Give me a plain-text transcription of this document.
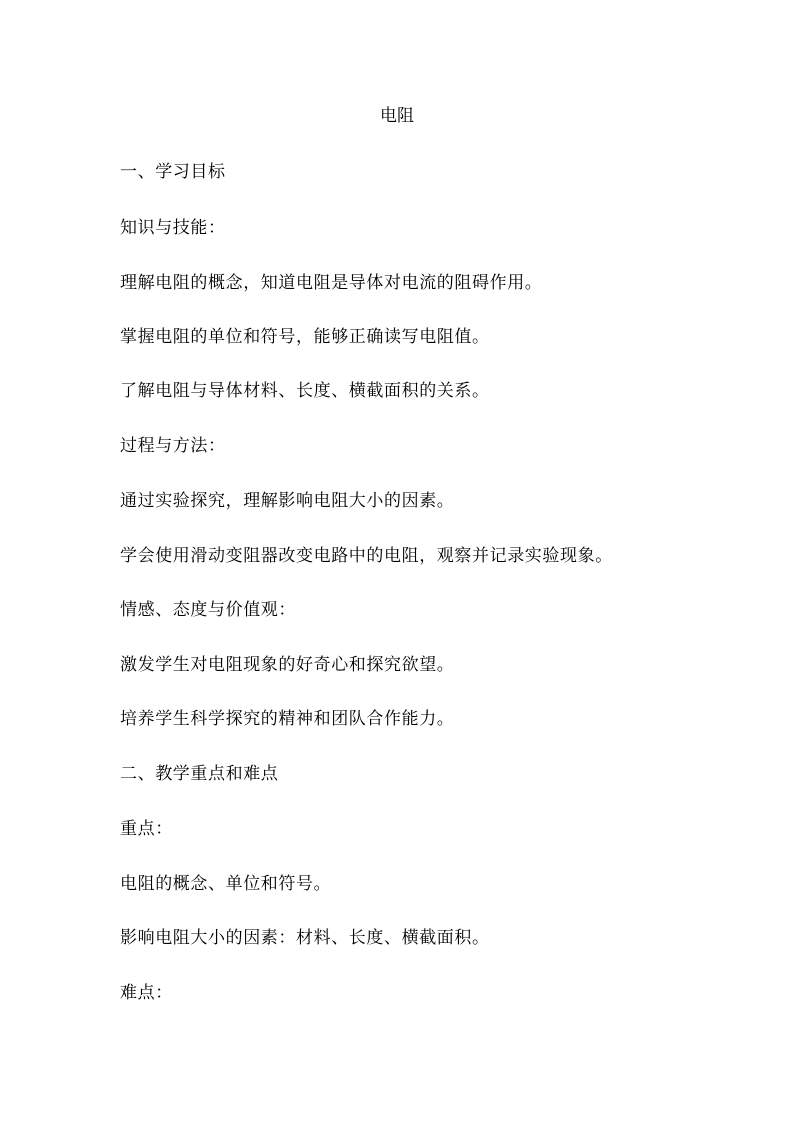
电阻

一、学习目标

知识与技能：

理解电阻的概念，知道电阻是导体对电流的阻碍作用。

掌握电阻的单位和符号，能够正确读写电阻值。

了解电阻与导体材料、长度、横截面积的关系。

过程与方法：

通过实验探究，理解影响电阻大小的因素。

学会使用滑动变阻器改变电路中的电阻，观察并记录实验现象。

情感、态度与价值观：

激发学生对电阻现象的好奇心和探究欲望。

培养学生科学探究的精神和团队合作能力。

二、教学重点和难点

重点：

电阻的概念、单位和符号。

影响电阻大小的因素：材料、长度、横截面积。

难点：
